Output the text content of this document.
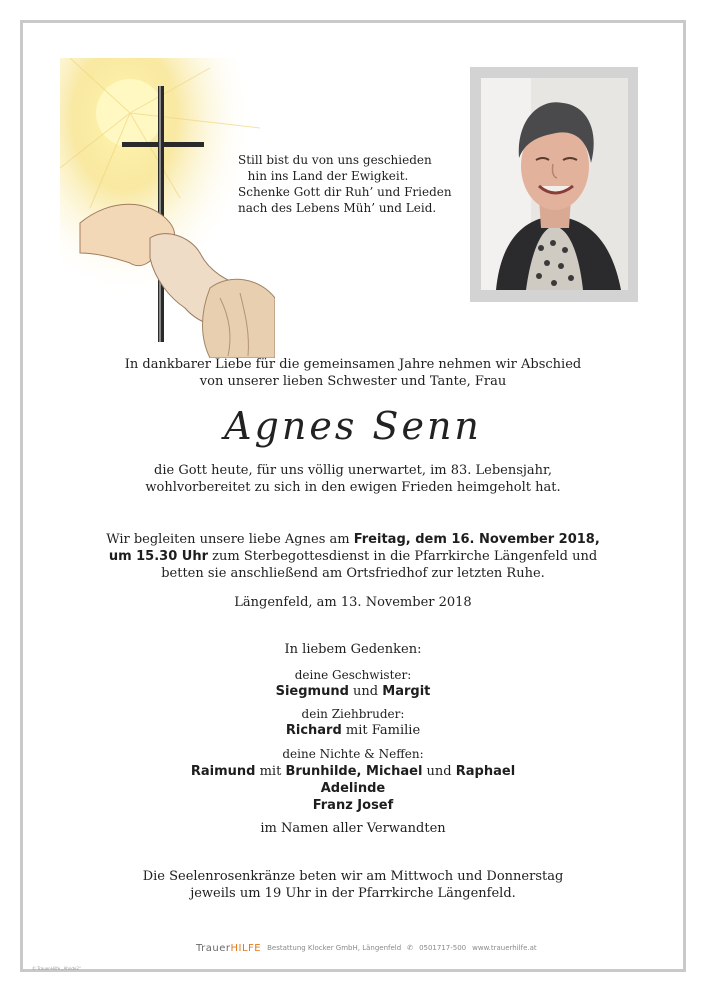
Still bist du von uns geschieden
hin ins Land der Ewigkeit.
Schenke Gott dir Ruh’ und Frieden
nach des Lebens Müh’ und Leid.
In dankbarer Liebe für die gemeinsamen Jahre nehmen wir Abschied
von unserer lieben Schwester und Tante, Frau
Agnes Senn
die Gott heute, für uns völlig unerwartet, im 83. Lebensjahr,
wohlvorbereitet zu sich in den ewigen Frieden heimgeholt hat.
Wir begleiten unsere liebe Agnes am Freitag, dem 16. November 2018,
um 15.30 Uhr zum Sterbegottesdienst in die Pfarrkirche Längenfeld und
betten sie anschließend am Ortsfriedhof zur letzten Ruhe.
Längenfeld, am 13. November 2018
In liebem Gedenken:
deine Geschwister:
Siegmund und Margit
dein Ziehbruder:
Richard mit Familie
deine Nichte & Neffen:
Raimund mit Brunhilde, Michael und Raphael
Adelinde
Franz Josef
im Namen aller Verwandten
Die Seelenrosenkränze beten wir am Mittwoch und Donnerstag
jeweils um 19 Uhr in der Pfarrkirche Längenfeld.
TrauerHILFE Bestattung Klocker GmbH, Längenfeld ✆ 0501717-500 www.trauerhilfe.at
© Trauer-Hilfe „Ahnde2“
